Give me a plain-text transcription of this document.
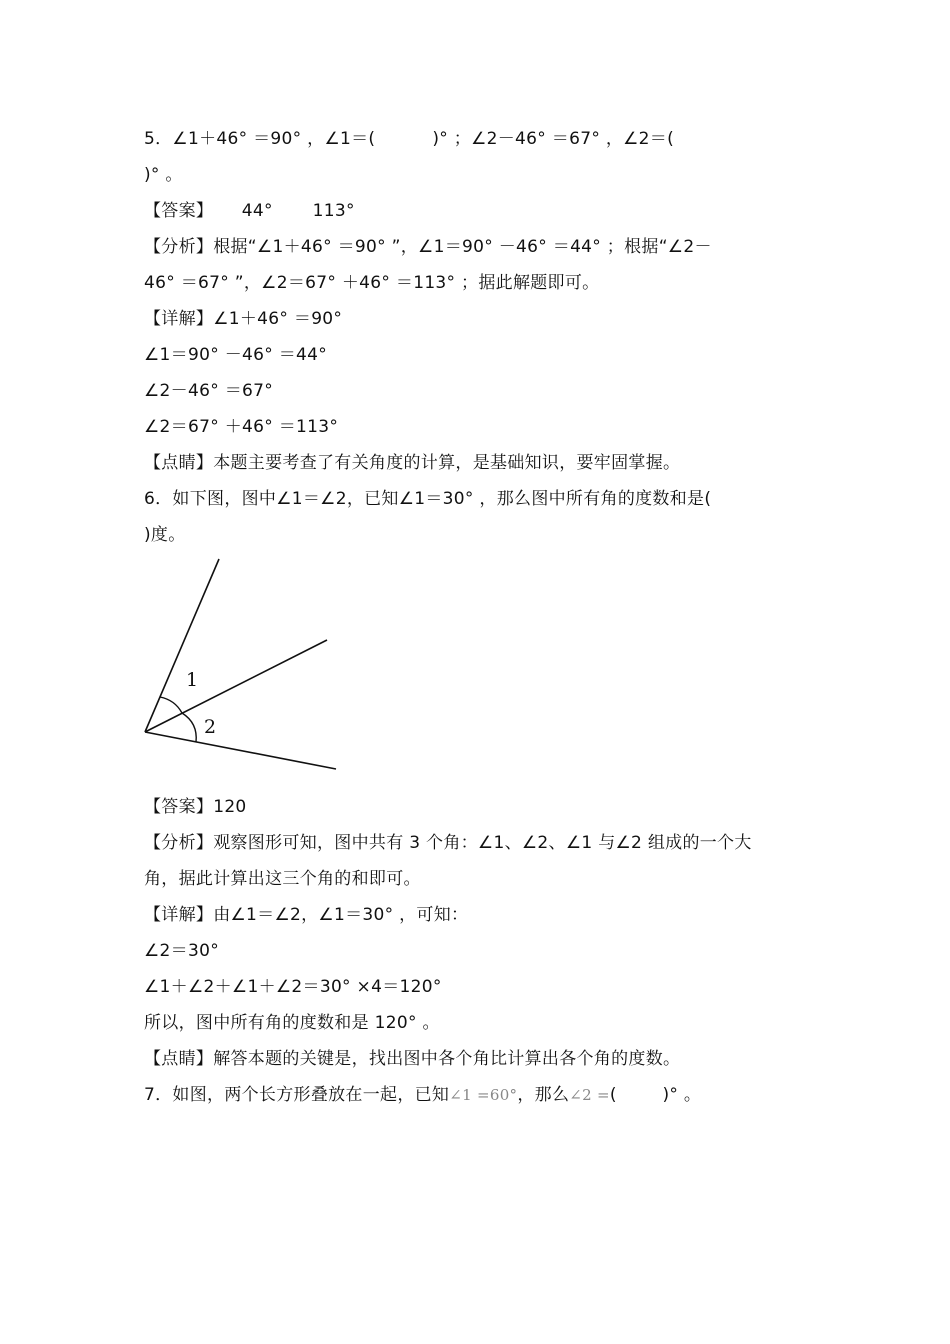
5．∠1＋46° ＝90° ，∠1＝(          )° ；∠2－46° ＝67° ，∠2＝(
)° 。
【答案】     44°       113°
【分析】根据“∠1＋46° ＝90° ”，∠1＝90° －46° ＝44° ；根据“∠2－
46° ＝67° ”，∠2＝67° ＋46° ＝113° ；据此解题即可。
【详解】∠1＋46° ＝90°
∠1＝90° －46° ＝44°
∠2－46° ＝67°
∠2＝67° ＋46° ＝113°
【点睛】本题主要考查了有关角度的计算，是基础知识，要牢固掌握。
6．如下图，图中∠1＝∠2，已知∠1＝30° ，那么图中所有角的度数和是(
)度。
1
2
【答案】120
【分析】观察图形可知，图中共有 3 个角：∠1、∠2、∠1 与∠2 组成的一个大
角，据此计算出这三个角的和即可。
【详解】由∠1＝∠2，∠1＝30° ，可知：
∠2＝30°
∠1＋∠2＋∠1＋∠2＝30° ×4＝120°
所以，图中所有角的度数和是 120° 。
【点睛】解答本题的关键是，找出图中各个角比计算出各个角的度数。
7．如图，两个长方形叠放在一起，已知∠1 =60°，那么∠2 =(        )° 。
